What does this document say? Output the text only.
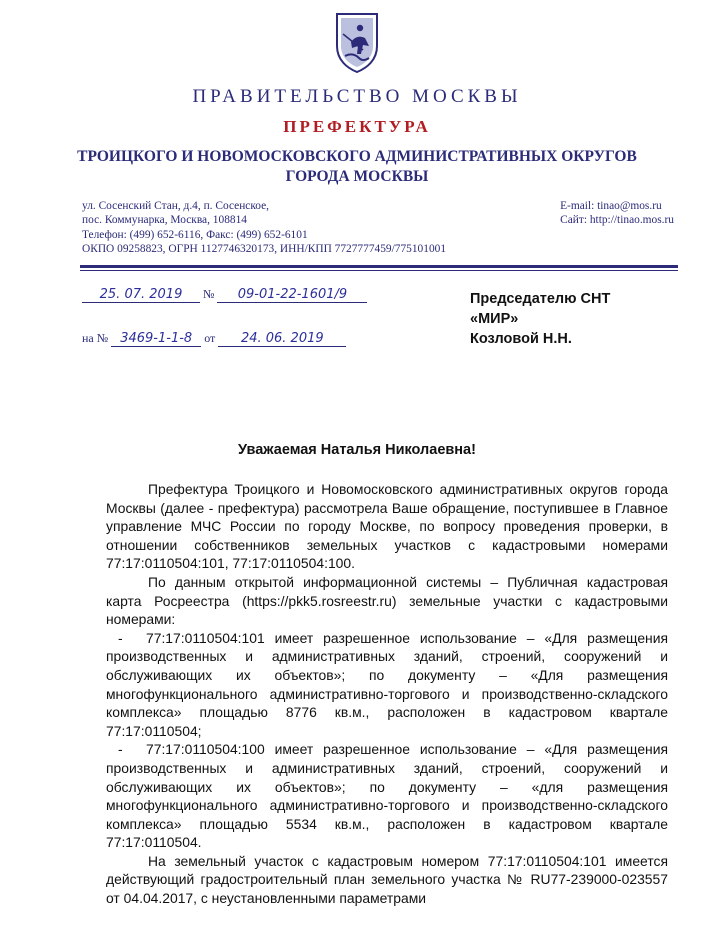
ПРАВИТЕЛЬСТВО МОСКВЫ
ПРЕФЕКТУРА
ТРОИЦКОГО И НОВОМОСКОВСКОГО АДМИНИСТРАТИВНЫХ ОКРУГОВ
ГОРОДА МОСКВЫ
ул. Сосенский Стан, д.4, п. Сосенское,
пос. Коммунарка, Москва, 108814
Телефон: (499) 652-6116, Факс: (499) 652-6101
ОКПО 09258823, ОГРН 1127746320173, ИНН/КПП 7727777459/775101001
E-mail: tinao@mos.ru
Сайт: http://tinao.mos.ru
25. 07. 2019 № 09-01-22-1601/9
на № 3469-1-1-8 от 24. 06. 2019
Председателю СНТ
«МИР»
Козловой Н.Н.
Уважаемая Наталья Николаевна!

Префектура Троицкого и Новомосковского административных округов города Москвы (далее - префектура) рассмотрела Ваше обращение, поступившее в Главное управление МЧС России по городу Москве, по вопросу проведения проверки, в отношении собственников земельных участков с кадастровыми номерами 77:17:0110504:101, 77:17:0110504:100.

По данным открытой информационной системы – Публичная кадастровая карта Росреестра (https://pkk5.rosreestr.ru) земельные участки с кадастровыми номерами:

- 77:17:0110504:101 имеет разрешенное использование – «Для размещения производственных и административных зданий, строений, сооружений и обслуживающих их объектов»; по документу – «Для размещения многофункционального административно-торгового и производственно-складского комплекса» площадью 8776 кв.м., расположен в кадастровом квартале 77:17:0110504;

- 77:17:0110504:100 имеет разрешенное использование – «Для размещения производственных и административных зданий, строений, сооружений и обслуживающих их объектов»; по документу – «для размещения многофункционального административно-торгового и производственно-складского комплекса» площадью 5534 кв.м., расположен в кадастровом квартале 77:17:0110504.

На земельный участок с кадастровым номером 77:17:0110504:101 имеется действующий градостроительный план земельного участка № RU77-239000-023557 от 04.04.2017, с неустановленными параметрами
